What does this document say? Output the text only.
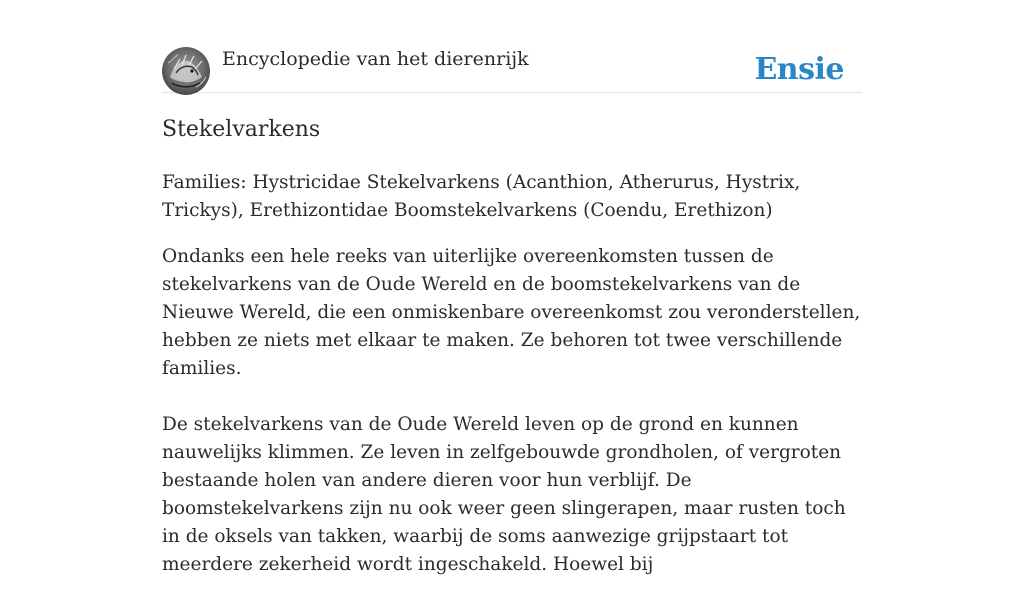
Encyclopedie van het dierenrijk	Ensie
Stekelvarkens

Families: Hystricidae Stekelvarkens (Acanthion, Atherurus, Hystrix, Trickys), Erethizontidae Boomstekelvarkens (Coendu, Erethizon)

Ondanks een hele reeks van uiterlijke overeenkomsten tussen de stekelvarkens van de Oude Wereld en de boomstekelvarkens van de Nieuwe Wereld, die een onmiskenbare overeenkomst zou veronderstellen, hebben ze niets met elkaar te maken. Ze behoren tot twee verschillende families.

De stekelvarkens van de Oude Wereld leven op de grond en kunnen nauwelijks klimmen. Ze leven in zelfgebouwde grondholen, of vergroten bestaande holen van andere dieren voor hun verblijf. De boomstekelvarkens zijn nu ook weer geen slingerapen, maar rusten toch in de oksels van takken, waarbij de soms aanwezige grijpstaart tot meerdere zekerheid wordt ingeschakeld. Hoewel bij
